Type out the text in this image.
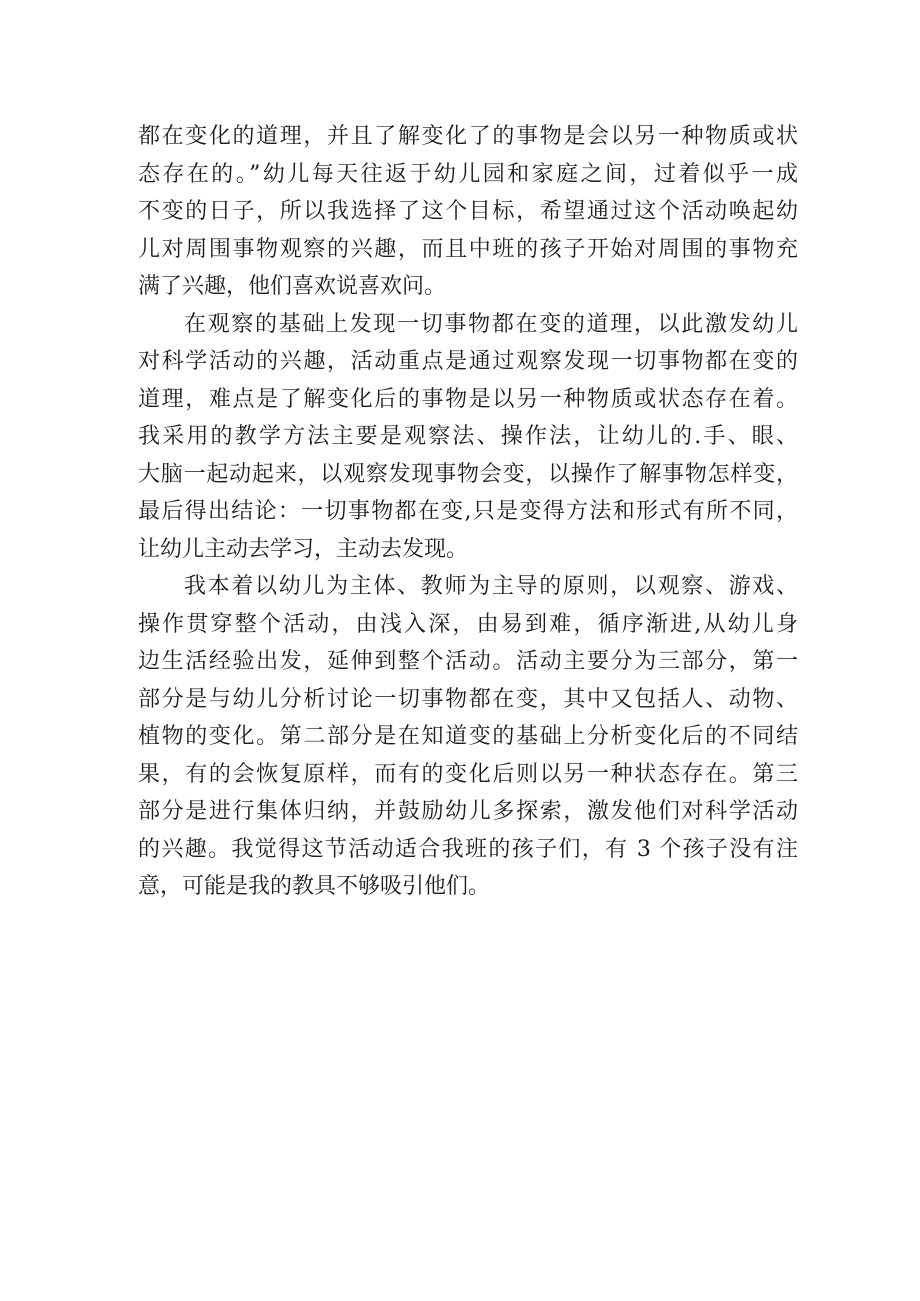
都在变化的道理，并且了解变化了的事物是会以另一种物质或状
态存在的。”幼儿每天往返于幼儿园和家庭之间，过着似乎一成
不变的日子，所以我选择了这个目标，希望通过这个活动唤起幼
儿对周围事物观察的兴趣，而且中班的孩子开始对周围的事物充
满了兴趣，他们喜欢说喜欢问。
在观察的基础上发现一切事物都在变的道理，以此激发幼儿
对科学活动的兴趣，活动重点是通过观察发现一切事物都在变的
道理，难点是了解变化后的事物是以另一种物质或状态存在着。
我采用的教学方法主要是观察法、操作法，让幼儿的.手、眼、
大脑一起动起来，以观察发现事物会变，以操作了解事物怎样变，
最后得出结论：一切事物都在变,只是变得方法和形式有所不同，
让幼儿主动去学习，主动去发现。
我本着以幼儿为主体、教师为主导的原则，以观察、游戏、
操作贯穿整个活动，由浅入深，由易到难，循序渐进,从幼儿身
边生活经验出发，延伸到整个活动。活动主要分为三部分，第一
部分是与幼儿分析讨论一切事物都在变，其中又包括人、动物、
植物的变化。第二部分是在知道变的基础上分析变化后的不同结
果，有的会恢复原样，而有的变化后则以另一种状态存在。第三
部分是进行集体归纳，并鼓励幼儿多探索，激发他们对科学活动
的兴趣。我觉得这节活动适合我班的孩子们，有 3 个孩子没有注
意，可能是我的教具不够吸引他们。
